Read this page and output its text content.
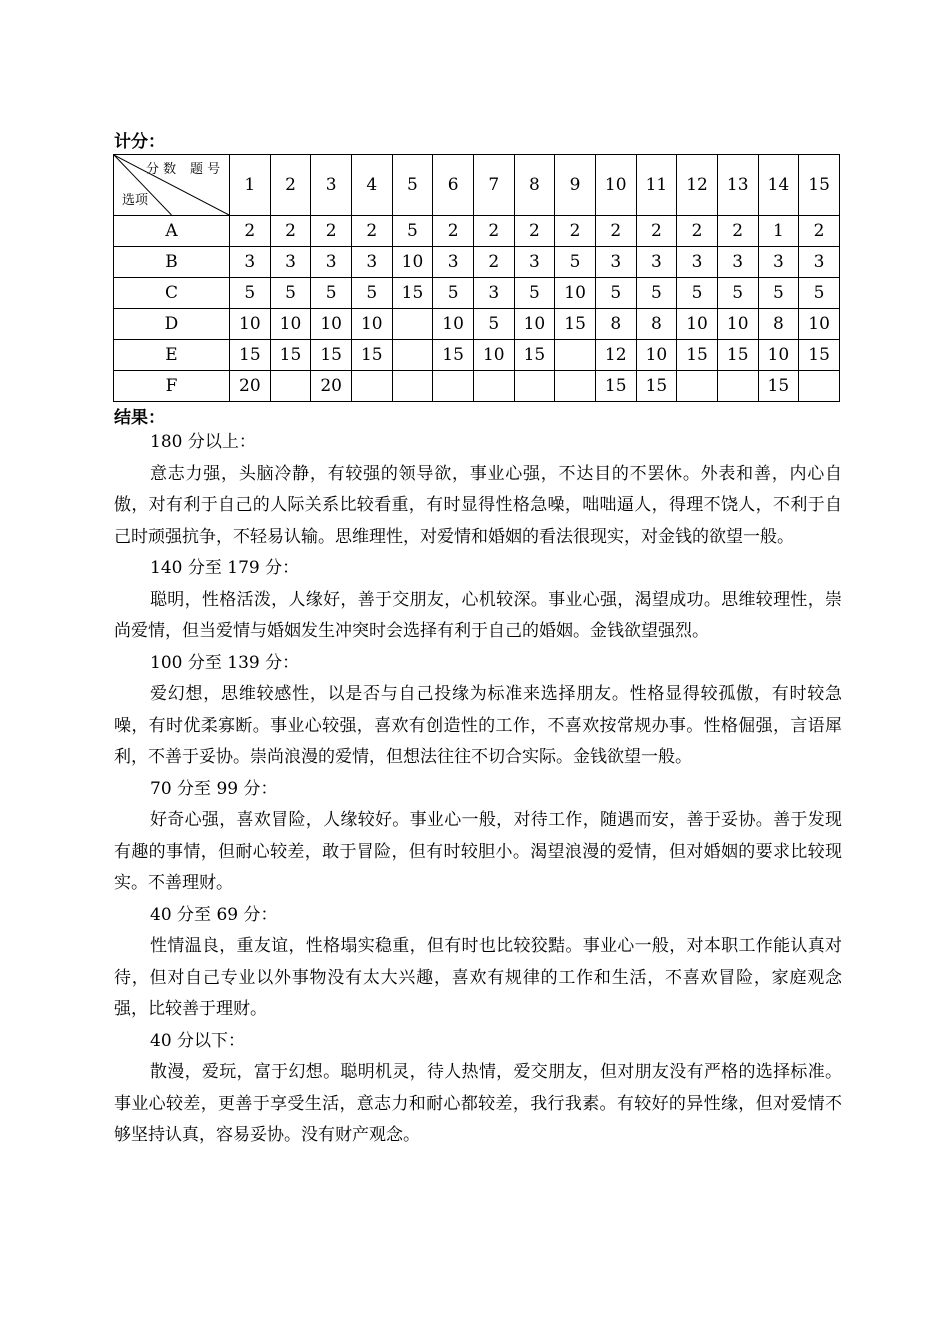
计分：
分 数 题 号
选项	1	2	3	4	5	6	7	8	9	10	11	12	13	14	15
A	2	2	2	2	5	2	2	2	2	2	2	2	2	1	2
B	3	3	3	3	10	3	2	3	5	3	3	3	3	3	3
C	5	5	5	5	15	5	3	5	10	5	5	5	5	5	5
D	10	10	10	10		10	5	10	15	8	8	10	10	8	10
E	15	15	15	15		15	10	15		12	10	15	15	10	15
F	20		20							15	15			15	
结果：

180 分以上：

意志力强，头脑冷静，有较强的领导欲，事业心强，不达目的不罢休。外表和善，内心自傲，对有利于自己的人际关系比较看重，有时显得性格急噪，咄咄逼人，得理不饶人，不利于自己时顽强抗争，不轻易认输。思维理性，对爱情和婚姻的看法很现实，对金钱的欲望一般。

140 分至 179 分：

聪明，性格活泼，人缘好，善于交朋友，心机较深。事业心强，渴望成功。思维较理性，崇尚爱情，但当爱情与婚姻发生冲突时会选择有利于自己的婚姻。金钱欲望强烈。

100 分至 139 分：

爱幻想，思维较感性，以是否与自己投缘为标准来选择朋友。性格显得较孤傲，有时较急噪，有时优柔寡断。事业心较强，喜欢有创造性的工作，不喜欢按常规办事。性格倔强，言语犀利，不善于妥协。崇尚浪漫的爱情，但想法往往不切合实际。金钱欲望一般。

70 分至 99 分：

好奇心强，喜欢冒险，人缘较好。事业心一般，对待工作，随遇而安，善于妥协。善于发现有趣的事情，但耐心较差，敢于冒险，但有时较胆小。渴望浪漫的爱情，但对婚姻的要求比较现实。不善理财。

40 分至 69 分：

性情温良，重友谊，性格塌实稳重，但有时也比较狡黠。事业心一般，对本职工作能认真对待，但对自己专业以外事物没有太大兴趣，喜欢有规律的工作和生活，不喜欢冒险，家庭观念强，比较善于理财。

40 分以下：

散漫，爱玩，富于幻想。聪明机灵，待人热情，爱交朋友，但对朋友没有严格的选择标准。事业心较差，更善于享受生活，意志力和耐心都较差，我行我素。有较好的异性缘，但对爱情不够坚持认真，容易妥协。没有财产观念。
